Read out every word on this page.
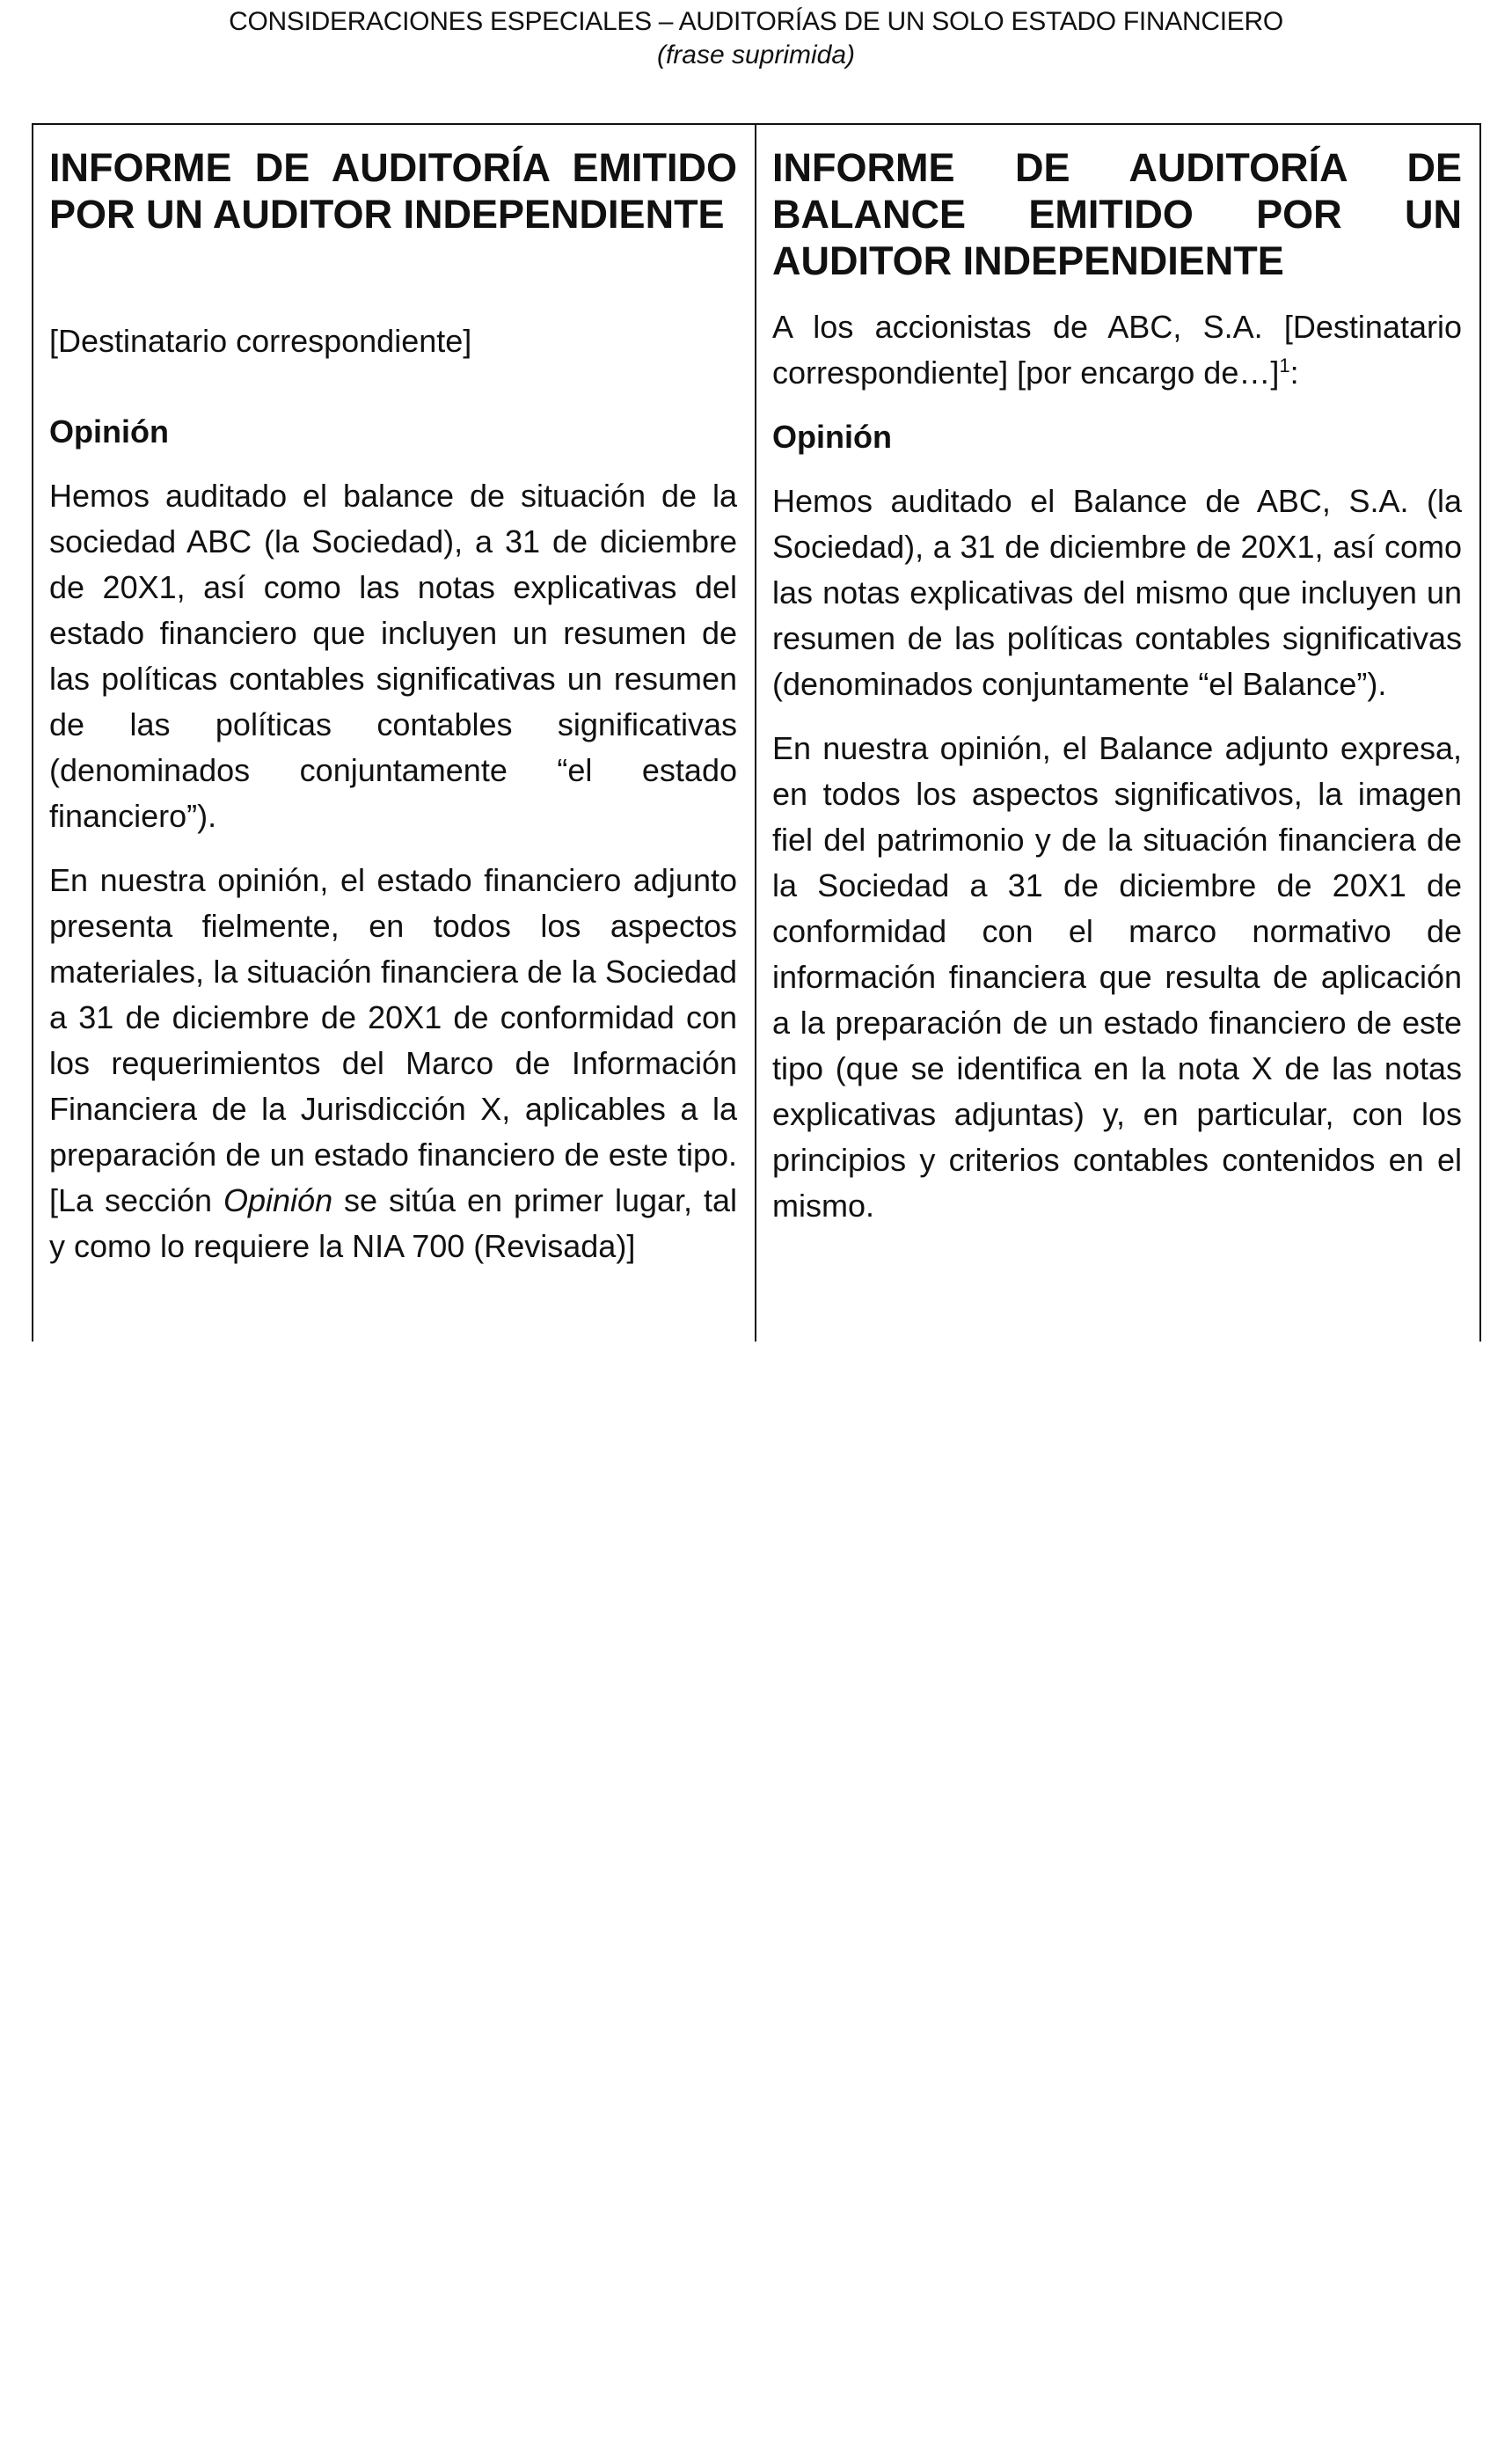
CONSIDERACIONES ESPECIALES – AUDITORÍAS DE UN SOLO ESTADO FINANCIERO
(frase suprimida)

INFORME DE AUDITORÍA EMITIDO POR UN AUDITOR INDEPENDIENTE

[Destinatario correspondiente]

Opinión

Hemos auditado el balance de situación de la sociedad ABC (la Sociedad), a 31 de diciembre de 20X1, así como las notas explicativas del estado financiero que incluyen un resumen de las políticas contables significativas un resumen de las políticas contables significativas (denominados conjuntamente “el estado financiero”).

En nuestra opinión, el estado financiero adjunto presenta fielmente, en todos los aspectos materiales, la situación financiera de la Sociedad a 31 de diciembre de 20X1 de conformidad con los requerimientos del Marco de Información Financiera de la Jurisdicción X, aplicables a la preparación de un estado financiero de este tipo. [La sección Opinión se sitúa en primer lugar, tal y como lo requiere la NIA 700 (Revisada)]

INFORME DE AUDITORÍA DE BALANCE EMITIDO POR UN AUDITOR INDEPENDIENTE

A los accionistas de ABC, S.A. [Destinatario correspondiente] [por encargo de…]$^1$:

Opinión

Hemos auditado el Balance de ABC, S.A. (la Sociedad), a 31 de diciembre de 20X1, así como las notas explicativas del mismo que incluyen un resumen de las políticas contables significativas (denominados conjuntamente “el Balance”).

En nuestra opinión, el Balance adjunto expresa, en todos los aspectos significativos, la imagen fiel del patrimonio y de la situación financiera de la Sociedad a 31 de diciembre de 20X1 de conformidad con el marco normativo de información financiera que resulta de aplicación a la preparación de un estado financiero de este tipo (que se identifica en la nota X de las notas explicativas adjuntas) y, en particular, con los principios y criterios contables contenidos en el mismo.
